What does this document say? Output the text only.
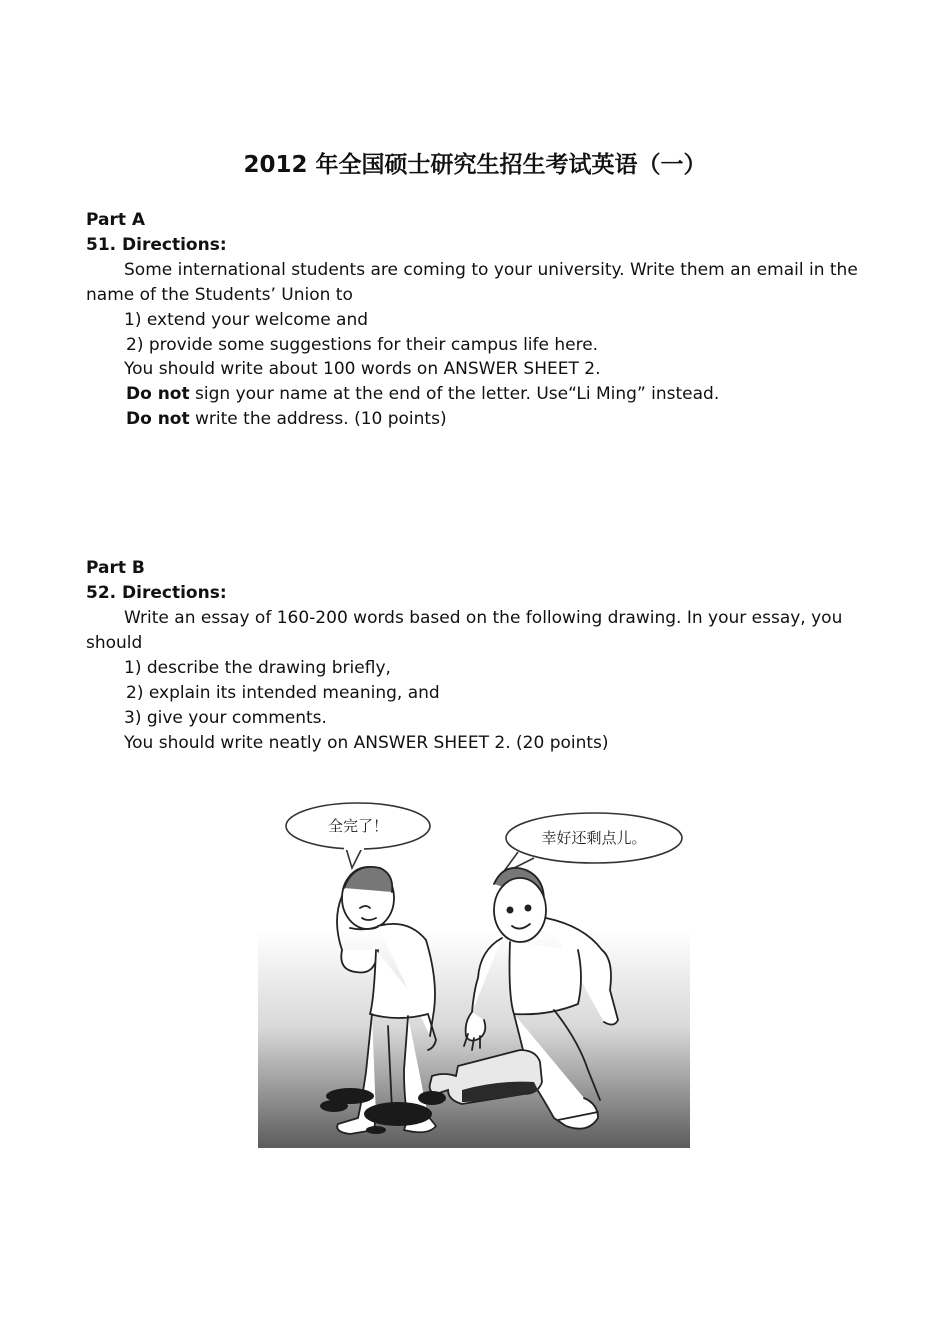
2012 年全国硕士研究生招生考试英语（一）
Part A
51. Directions:
Some international students are coming to your university. Write them an email in the
name of the Students’ Union to
1) extend your welcome and
2) provide some suggestions for their campus life here.
You should write about 100 words on ANSWER SHEET 2.
Do not sign your name at the end of the letter. Use“Li Ming” instead.
Do not write the address. (10 points)
Part B
52. Directions:
Write an essay of 160-200 words based on the following drawing. In your essay, you
should
1) describe the drawing briefly,
2) explain its intended meaning, and
3) give your comments.
You should write neatly on ANSWER SHEET 2. (20 points)
全完了！
幸好还剩点儿。
